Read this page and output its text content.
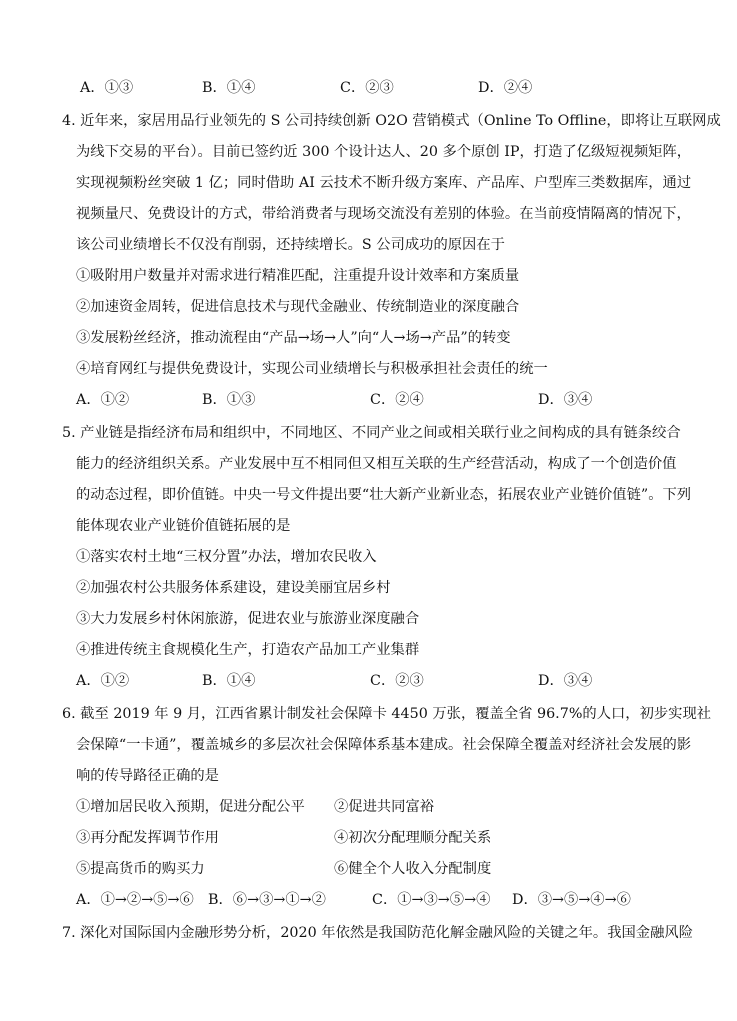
A．①③	B．①④	C．②③	D．②④
4. 近年来，家居用品行业领先的 S 公司持续创新 O2O 营销模式（Online To Offline，即将让互联网成
为线下交易的平台）。目前已签约近 300 个设计达人、20 多个原创 IP，打造了亿级短视频矩阵，
实现视频粉丝突破 1 亿；同时借助 AI 云技术不断升级方案库、产品库、户型库三类数据库，通过
视频量尺、免费设计的方式，带给消费者与现场交流没有差别的体验。在当前疫情隔离的情况下，
该公司业绩增长不仅没有削弱，还持续增长。S 公司成功的原因在于
①吸附用户数量并对需求进行精准匹配，注重提升设计效率和方案质量
②加速资金周转，促进信息技术与现代金融业、传统制造业的深度融合
③发展粉丝经济，推动流程由“产品→场→人”向“人→场→产品”的转变
④培育网红与提供免费设计，实现公司业绩增长与积极承担社会责任的统一
A．①②	B．①③	C．②④	D．③④
5. 产业链是指经济布局和组织中，不同地区、不同产业之间或相关联行业之间构成的具有链条绞合
能力的经济组织关系。产业发展中互不相同但又相互关联的生产经营活动，构成了一个创造价值
的动态过程，即价值链。中央一号文件提出要“壮大新产业新业态，拓展农业产业链价值链”。下列
能体现农业产业链价值链拓展的是
①落实农村土地“三权分置”办法，增加农民收入
②加强农村公共服务体系建设，建设美丽宜居乡村
③大力发展乡村休闲旅游，促进农业与旅游业深度融合
④推进传统主食规模化生产，打造农产品加工产业集群
A．①②	B．①④	C．②③	D．③④
6. 截至 2019 年 9 月，江西省累计制发社会保障卡 4450 万张，覆盖全省 96.7%的人口，初步实现社
会保障“一卡通”，覆盖城乡的多层次社会保障体系基本建成。社会保障全覆盖对经济社会发展的影
响的传导路径正确的是
①增加居民收入预期，促进分配公平 ②促进共同富裕
③再分配发挥调节作用	④初次分配理顺分配关系
⑤提高货币的购买力	⑥健全个人收入分配制度
A．①→②→⑤→⑥ B．⑥→③→①→②	C．①→③→⑤→④ D．③→⑤→④→⑥
7. 深化对国际国内金融形势分析，2020 年依然是我国防范化解金融风险的关键之年。我国金融风险
